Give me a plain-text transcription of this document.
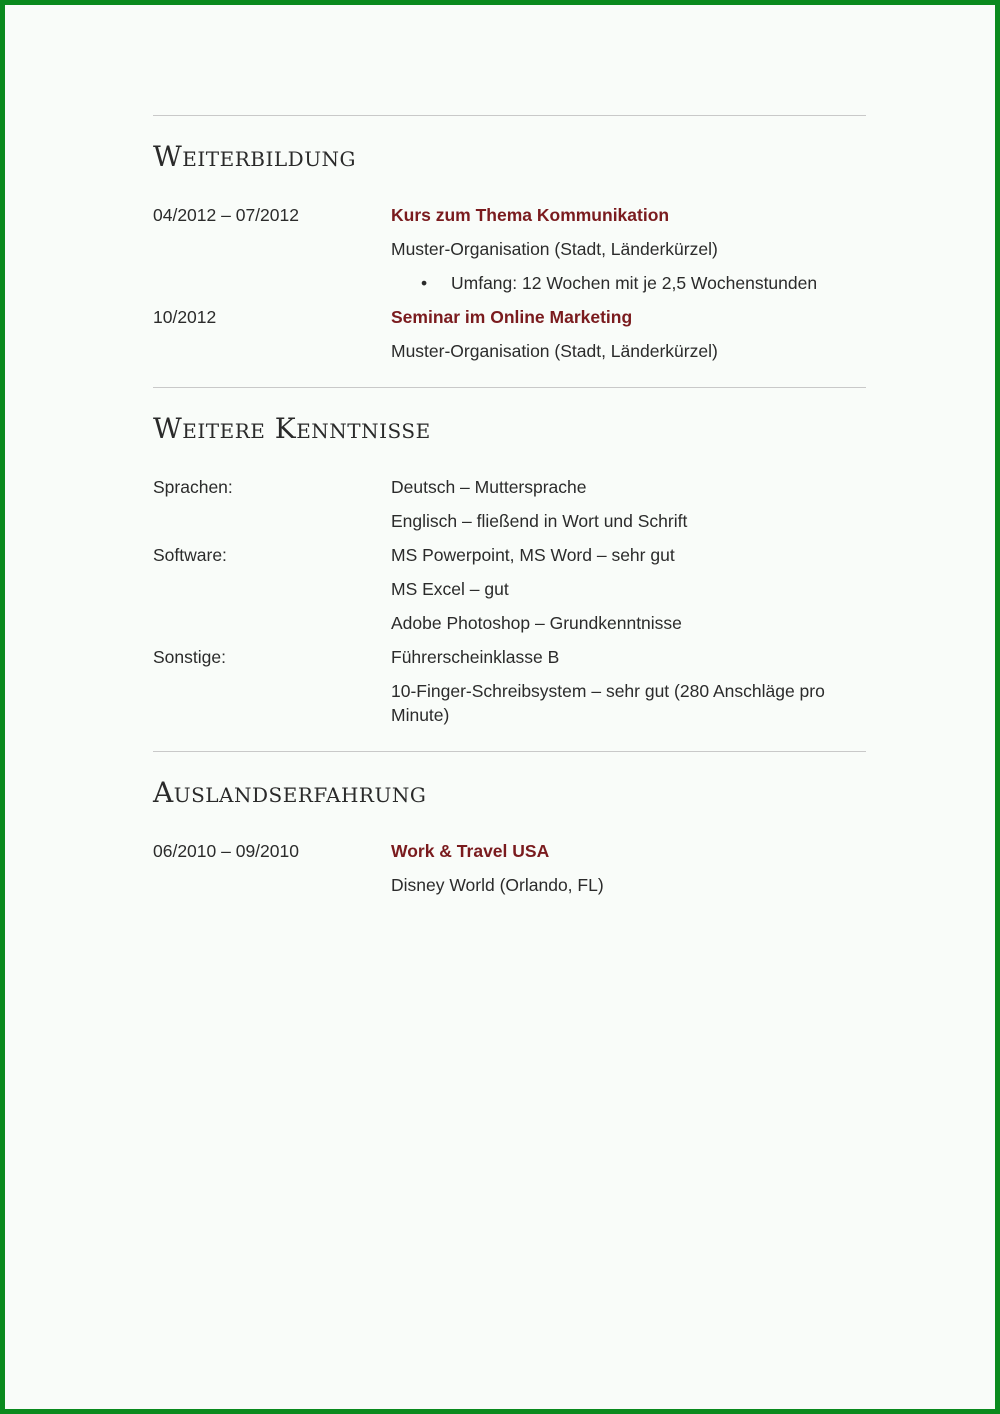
Weiterbildung
04/2012 – 07/2012	Kurs zum Thema Kommunikation
Muster-Organisation (Stadt, Länderkürzel)
•	Umfang: 12 Wochen mit je 2,5 Wochenstunden
10/2012	Seminar im Online Marketing
Muster-Organisation (Stadt, Länderkürzel)
Weitere Kenntnisse
Sprachen:	Deutsch – Muttersprache
Englisch – fließend in Wort und Schrift
Software:	MS Powerpoint, MS Word – sehr gut
MS Excel – gut
Adobe Photoshop – Grundkenntnisse
Sonstige:	Führerscheinklasse B
10-Finger-Schreibsystem – sehr gut (280 Anschläge pro Minute)
Auslandserfahrung
06/2010 – 09/2010	Work & Travel USA
Disney World (Orlando, FL)
